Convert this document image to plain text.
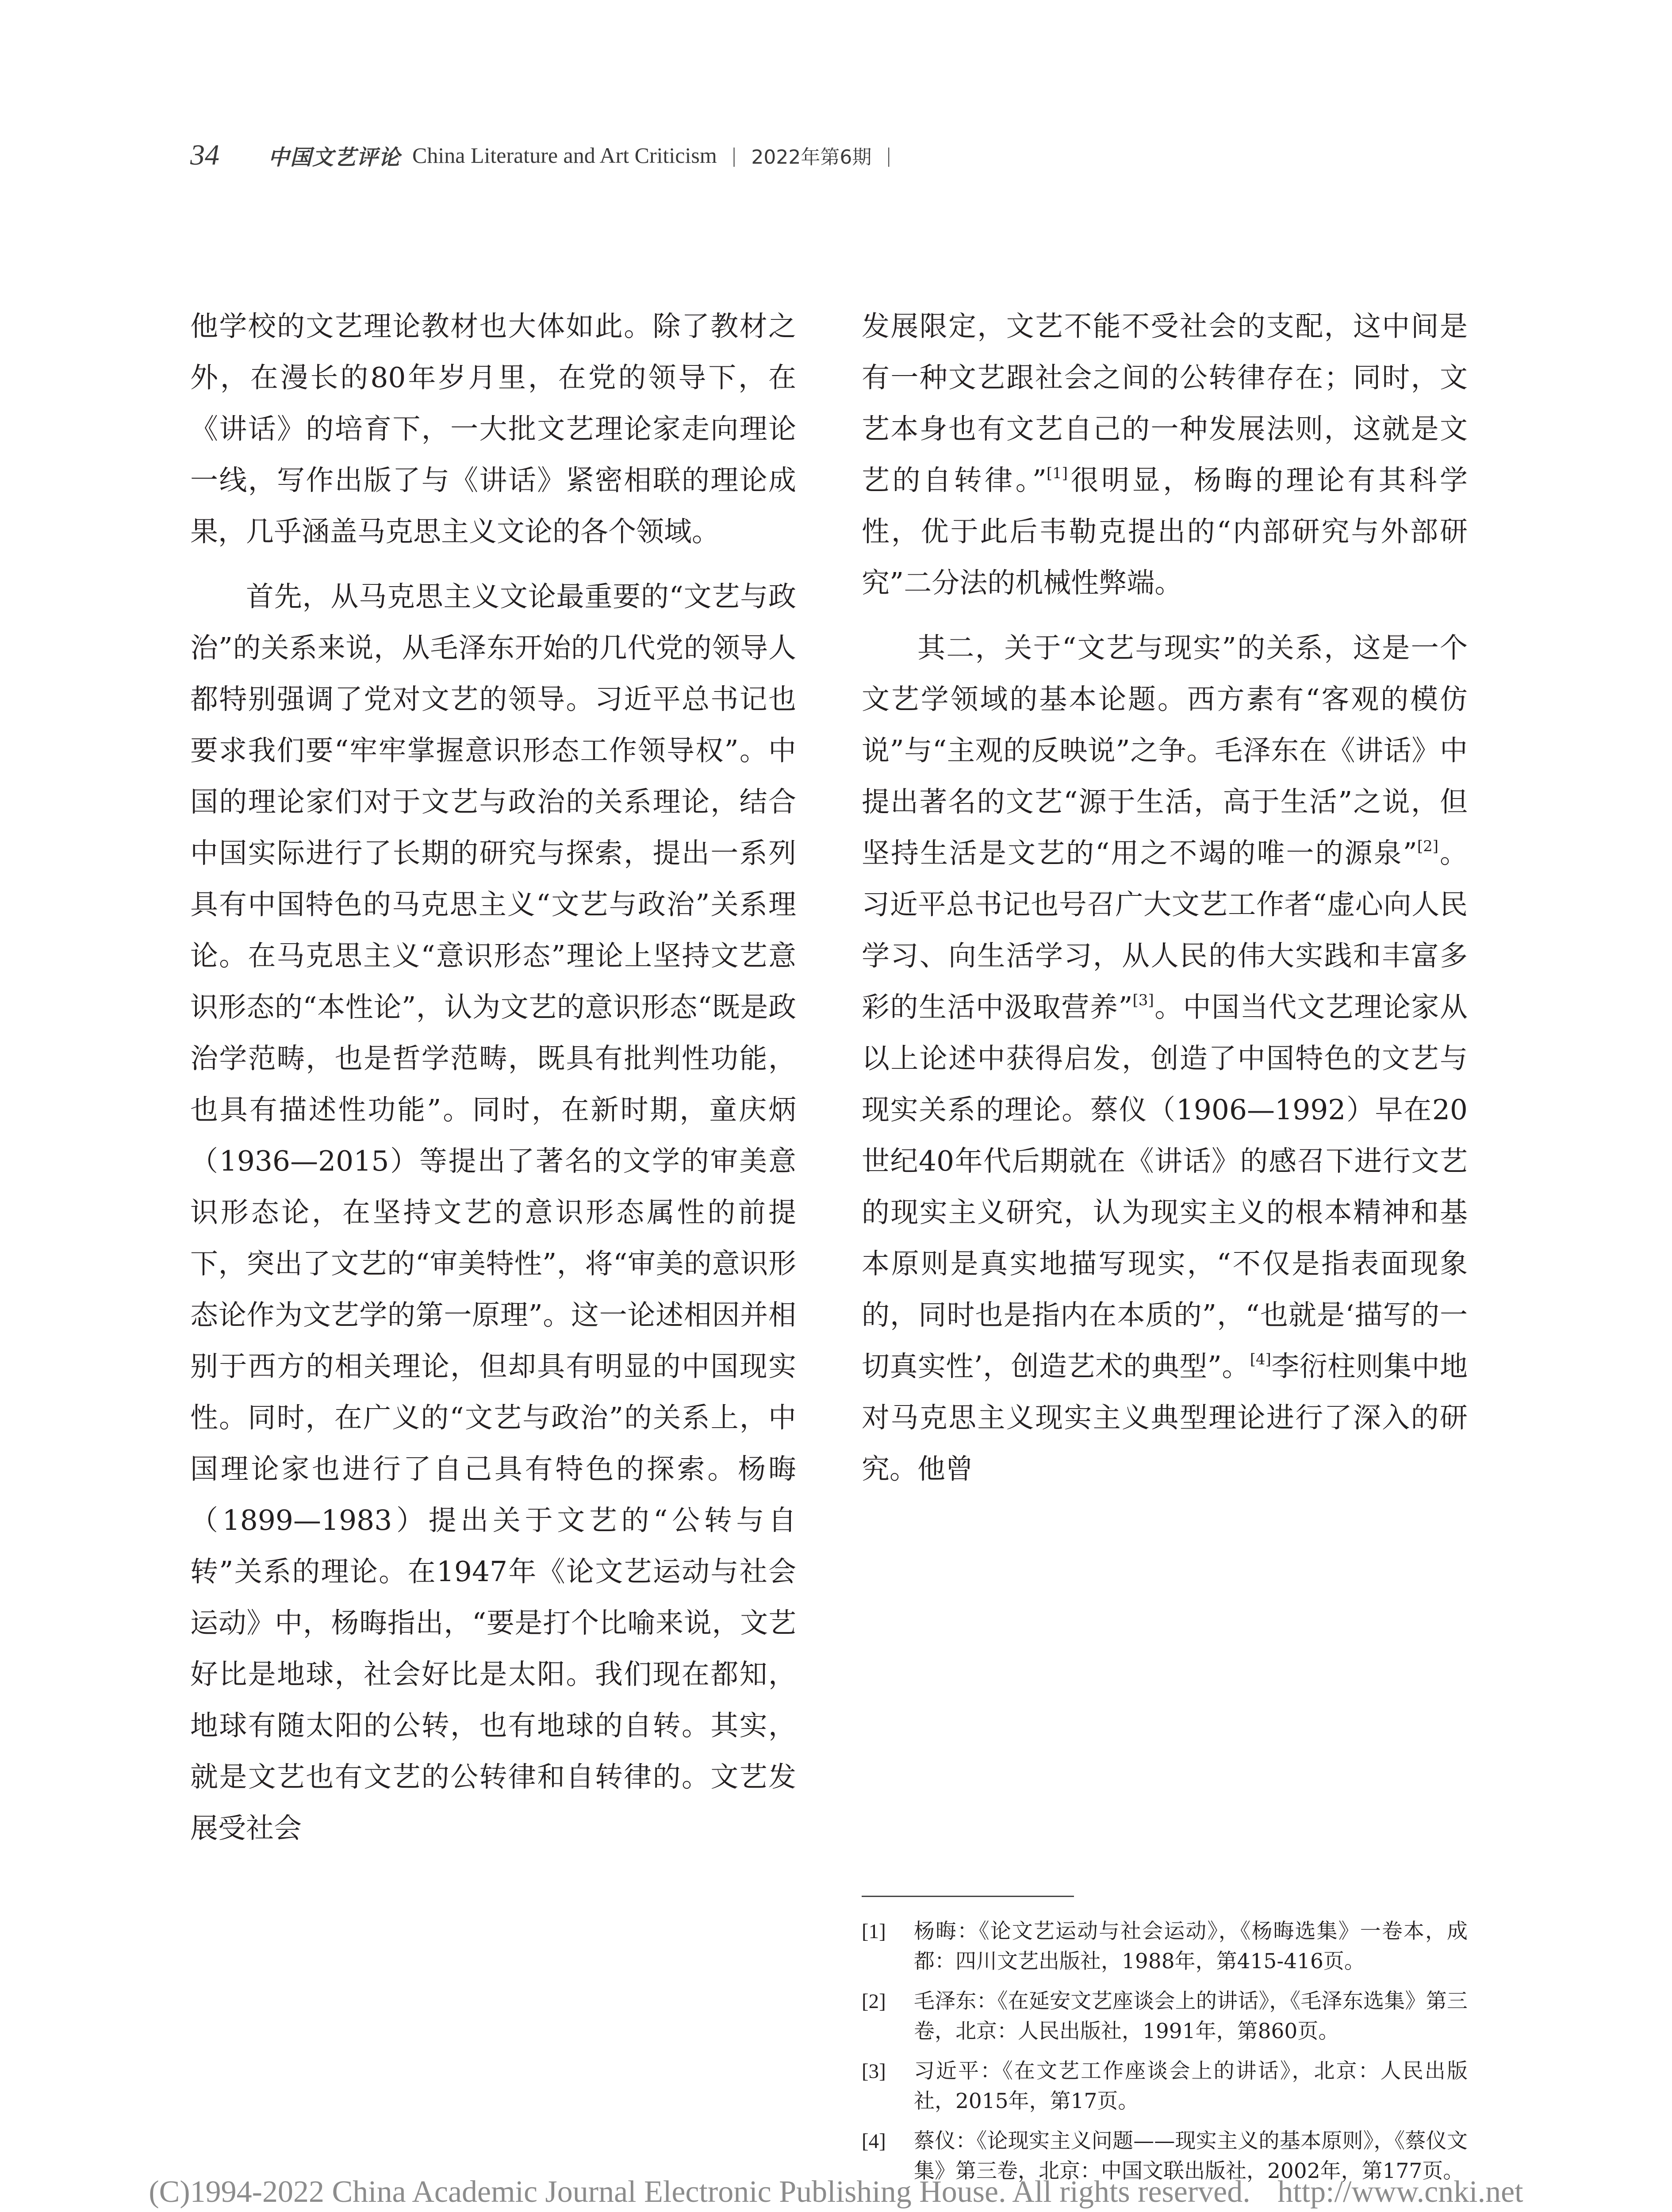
34 中国文艺评论 China Literature and Art Criticism | 2022年第6期 |

他学校的文艺理论教材也大体如此。除了教材之外，在漫长的80年岁月里，在党的领导下，在《讲话》的培育下，一大批文艺理论家走向理论一线，写作出版了与《讲话》紧密相联的理论成果，几乎涵盖马克思主义文论的各个领域。

首先，从马克思主义文论最重要的“文艺与政治”的关系来说，从毛泽东开始的几代党的领导人都特别强调了党对文艺的领导。习近平总书记也要求我们要“牢牢掌握意识形态工作领导权”。中国的理论家们对于文艺与政治的关系理论，结合中国实际进行了长期的研究与探索，提出一系列具有中国特色的马克思主义“文艺与政治”关系理论。在马克思主义“意识形态”理论上坚持文艺意识形态的“本性论”，认为文艺的意识形态“既是政治学范畴，也是哲学范畴，既具有批判性功能，也具有描述性功能”。同时，在新时期，童庆炳（1936—2015）等提出了著名的文学的审美意识形态论，在坚持文艺的意识形态属性的前提下，突出了文艺的“审美特性”，将“审美的意识形态论作为文艺学的第一原理”。这一论述相因并相别于西方的相关理论，但却具有明显的中国现实性。同时，在广义的“文艺与政治”的关系上，中国理论家也进行了自己具有特色的探索。杨晦（1899—1983）提出关于文艺的“公转与自转”关系的理论。在1947年《论文艺运动与社会运动》中，杨晦指出，“要是打个比喻来说，文艺好比是地球，社会好比是太阳。我们现在都知，地球有随太阳的公转，也有地球的自转。其实，就是文艺也有文艺的公转律和自转律的。文艺发展受社会

发展限定，文艺不能不受社会的支配，这中间是有一种文艺跟社会之间的公转律存在；同时，文艺本身也有文艺自己的一种发展法则，这就是文艺的自转律。”[1]很明显，杨晦的理论有其科学性，优于此后韦勒克提出的“内部研究与外部研究”二分法的机械性弊端。

其二，关于“文艺与现实”的关系，这是一个文艺学领域的基本论题。西方素有“客观的模仿说”与“主观的反映说”之争。毛泽东在《讲话》中提出著名的文艺“源于生活，高于生活”之说，但坚持生活是文艺的“用之不竭的唯一的源泉”[2]。习近平总书记也号召广大文艺工作者“虚心向人民学习、向生活学习，从人民的伟大实践和丰富多彩的生活中汲取营养”[3]。中国当代文艺理论家从以上论述中获得启发，创造了中国特色的文艺与现实关系的理论。蔡仪（1906—1992）早在20世纪40年代后期就在《讲话》的感召下进行文艺的现实主义研究，认为现实主义的根本精神和基本原则是真实地描写现实，“不仅是指表面现象的，同时也是指内在本质的”，“也就是‘描写的一切真实性’，创造艺术的典型”。[4]李衍柱则集中地对马克思主义现实主义典型理论进行了深入的研究。他曾

[1]	杨晦：《论文艺运动与社会运动》，《杨晦选集》一卷本，成都：四川文艺出版社，1988年，第415-416页。
[2]	毛泽东：《在延安文艺座谈会上的讲话》，《毛泽东选集》第三卷，北京：人民出版社，1991年，第860页。
[3]	习近平：《在文艺工作座谈会上的讲话》，北京：人民出版社，2015年，第17页。
[4]	蔡仪：《论现实主义问题——现实主义的基本原则》，《蔡仪文集》第三卷，北京：中国文联出版社，2002年，第177页。
(C)1994-2022 China Academic Journal Electronic Publishing House. All rights reserved. http://www.cnki.net
